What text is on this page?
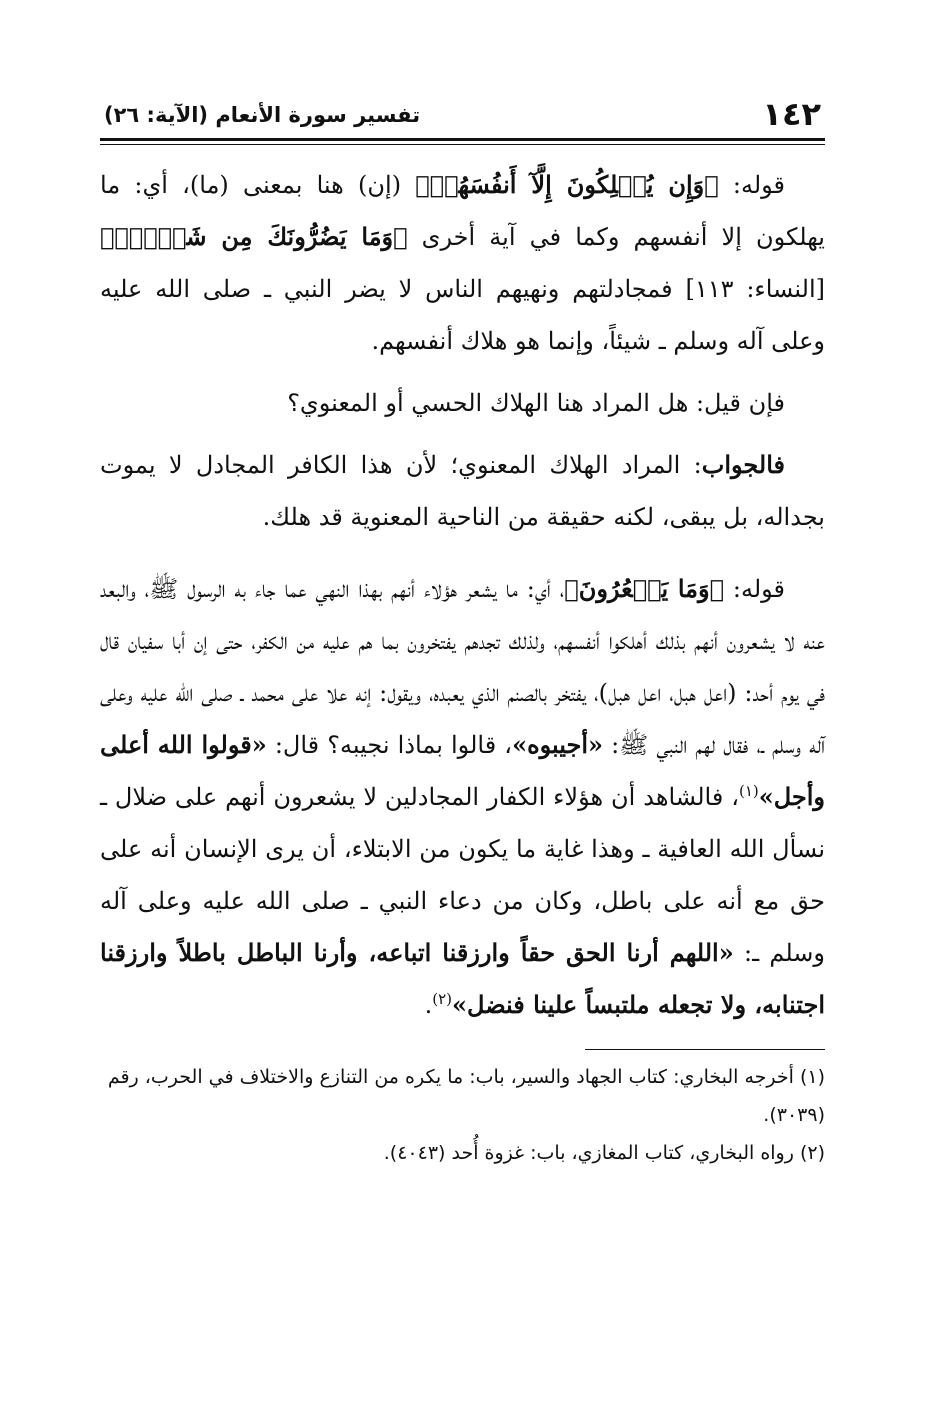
١٤٢
تفسير سورة الأنعام (الآية: ٢٦)

قوله: ﴿وَإِن يُهۡلِكُونَ إِلَّآ أَنفُسَهُمۡ﴾ (إن) هنا بمعنى (ما)، أي: ما يهلكون إلا أنفسهم وكما في آية أخرى ﴿وَمَا يَضُرُّونَكَ مِن شَيۡءٖۚ﴾ [النساء: ١١٣] فمجادلتهم ونهيهم الناس لا يضر النبي ـ صلى الله عليه وعلى آله وسلم ـ شيئاً، وإنما هو هلاك أنفسهم.

فإن قيل: هل المراد هنا الهلاك الحسي أو المعنوي؟

فالجواب: المراد الهلاك المعنوي؛ لأن هذا الكافر المجادل لا يموت بجداله، بل يبقى، لكنه حقيقة من الناحية المعنوية قد هلك.

قوله: ﴿وَمَا يَشۡعُرُونَ﴾، أي: ما يشعر هؤلاء أنهم بهذا النهي عما جاء به الرسول ﷺ، والبعد عنه لا يشعرون أنهم بذلك أهلكوا أنفسهم، ولذلك تجدهم يفتخرون بما هم عليه من الكفر، حتى إن أبا سفيان قال في يوم أحد: (اعل هبل، اعل هبل)، يفتخر بالصنم الذي يعبده، ويقول: إنه علا على محمد ـ صلى الله عليه وعلى آله وسلم ـ، فقال لهم النبي ﷺ: «أجيبوه»، قالوا بماذا نجيبه؟ قال: «قولوا الله أعلى وأجل»$^{(١)}$، فالشاهد أن هؤلاء الكفار المجادلين لا يشعرون أنهم على ضلال ـ نسأل الله العافية ـ وهذا غاية ما يكون من الابتلاء، أن يرى الإنسان أنه على حق مع أنه على باطل، وكان من دعاء النبي ـ صلى الله عليه وعلى آله وسلم ـ: «اللهم أرنا الحق حقاً وارزقنا اتباعه، وأرنا الباطل باطلاً وارزقنا اجتنابه، ولا تجعله ملتبساً علينا فنضل»$^{(٢)}$.

(١) أخرجه البخاري: كتاب الجهاد والسير، باب: ما يكره من التنازع والاختلاف في الحرب، رقم (٣٠٣٩).

(٢) رواه البخاري، كتاب المغازي، باب: غزوة أُحد (٤٠٤٣).
